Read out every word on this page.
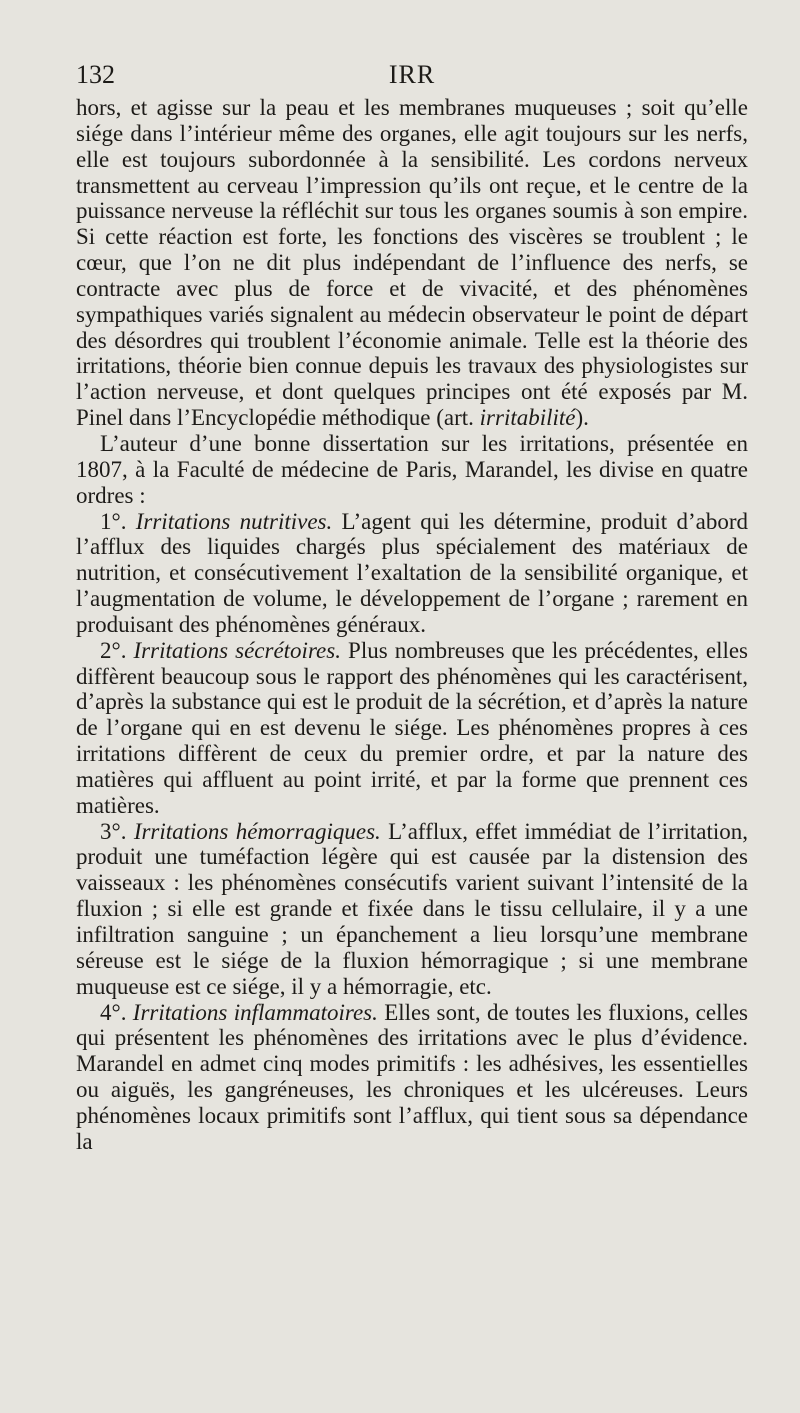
132	IRR

hors, et agisse sur la peau et les membranes muqueuses ; soit qu’elle siége dans l’intérieur même des organes, elle agit toujours sur les nerfs, elle est toujours subordonnée à la sensibilité. Les cordons nerveux transmettent au cerveau l’impression qu’ils ont reçue, et le centre de la puissance nerveuse la réfléchit sur tous les organes soumis à son empire. Si cette réaction est forte, les fonctions des viscères se troublent ; le cœur, que l’on ne dit plus indépendant de l’influence des nerfs, se contracte avec plus de force et de vivacité, et des phénomènes sympathiques variés signalent au médecin observateur le point de départ des désordres qui troublent l’économie animale. Telle est la théorie des irritations, théorie bien connue depuis les travaux des physiologistes sur l’action nerveuse, et dont quelques principes ont été exposés par M. Pinel dans l’Encyclopédie méthodique (art. irritabilité).

L’auteur d’une bonne dissertation sur les irritations, présentée en 1807, à la Faculté de médecine de Paris, Marandel, les divise en quatre ordres :

1°. Irritations nutritives. L’agent qui les détermine, produit d’abord l’afflux des liquides chargés plus spécialement des matériaux de nutrition, et consécutivement l’exaltation de la sensibilité organique, et l’augmentation de volume, le développement de l’organe ; rarement en produisant des phénomènes généraux.

2°. Irritations sécrétoires. Plus nombreuses que les précédentes, elles diffèrent beaucoup sous le rapport des phénomènes qui les caractérisent, d’après la substance qui est le produit de la sécrétion, et d’après la nature de l’organe qui en est devenu le siége. Les phénomènes propres à ces irritations diffèrent de ceux du premier ordre, et par la nature des matières qui affluent au point irrité, et par la forme que prennent ces matières.

3°. Irritations hémorragiques. L’afflux, effet immédiat de l’irritation, produit une tuméfaction légère qui est causée par la distension des vaisseaux : les phénomènes consécutifs varient suivant l’intensité de la fluxion ; si elle est grande et fixée dans le tissu cellulaire, il y a une infiltration sanguine ; un épanchement a lieu lorsqu’une membrane séreuse est le siége de la fluxion hémorragique ; si une membrane muqueuse est ce siége, il y a hémorragie, etc.

4°. Irritations inflammatoires. Elles sont, de toutes les fluxions, celles qui présentent les phénomènes des irritations avec le plus d’évidence. Marandel en admet cinq modes primitifs : les adhésives, les essentielles ou aiguës, les gangréneuses, les chroniques et les ulcéreuses. Leurs phénomènes locaux primitifs sont l’afflux, qui tient sous sa dépendance la
